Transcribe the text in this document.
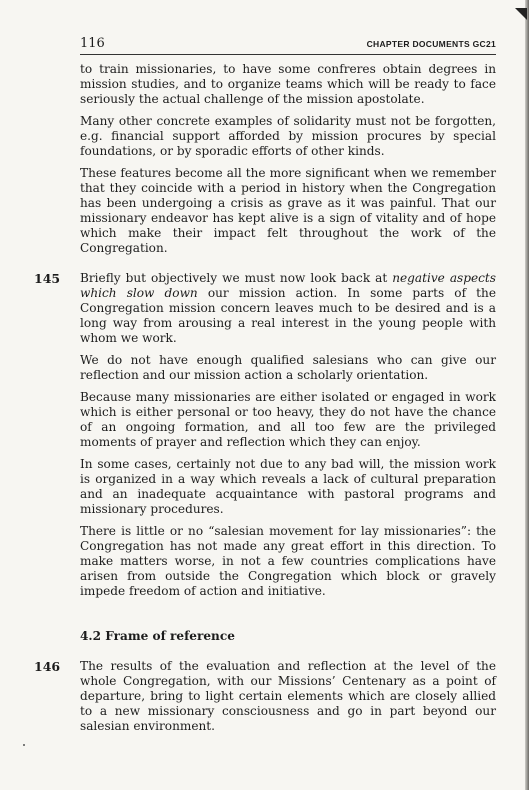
116	CHAPTER DOCUMENTS GC21

to train missionaries, to have some confreres obtain degrees in mission studies, and to organize teams which will be ready to face seriously the actual challenge of the mission apostolate.

Many other concrete examples of solidarity must not be forgotten, e.g. financial support afforded by mission procures by special foundations, or by sporadic efforts of other kinds.

These features become all the more significant when we remember that they coincide with a period in history when the Congregation has been undergoing a crisis as grave as it was painful. That our missionary endeavor has kept alive is a sign of vitality and of hope which make their impact felt throughout the work of the Congregation.

145 Briefly but objectively we must now look back at negative aspects which slow down our mission action. In some parts of the Congregation mission concern leaves much to be desired and is a long way from arousing a real interest in the young people with whom we work.

We do not have enough qualified salesians who can give our reflection and our mission action a scholarly orientation.

Because many missionaries are either isolated or engaged in work which is either personal or too heavy, they do not have the chance of an ongoing formation, and all too few are the privileged moments of prayer and reflection which they can enjoy.

In some cases, certainly not due to any bad will, the mission work is organized in a way which reveals a lack of cultural preparation and an inadequate acquaintance with pastoral programs and missionary procedures.

There is little or no “salesian movement for lay missionaries”: the Congregation has not made any great effort in this direction. To make matters worse, in not a few countries complications have arisen from outside the Congregation which block or gravely impede freedom of action and initiative.

4.2 Frame of reference
146 The results of the evaluation and reflection at the level of the whole Congregation, with our Missions’ Centenary as a point of departure, bring to light certain elements which are closely allied to a new missionary consciousness and go in part beyond our salesian environment.
